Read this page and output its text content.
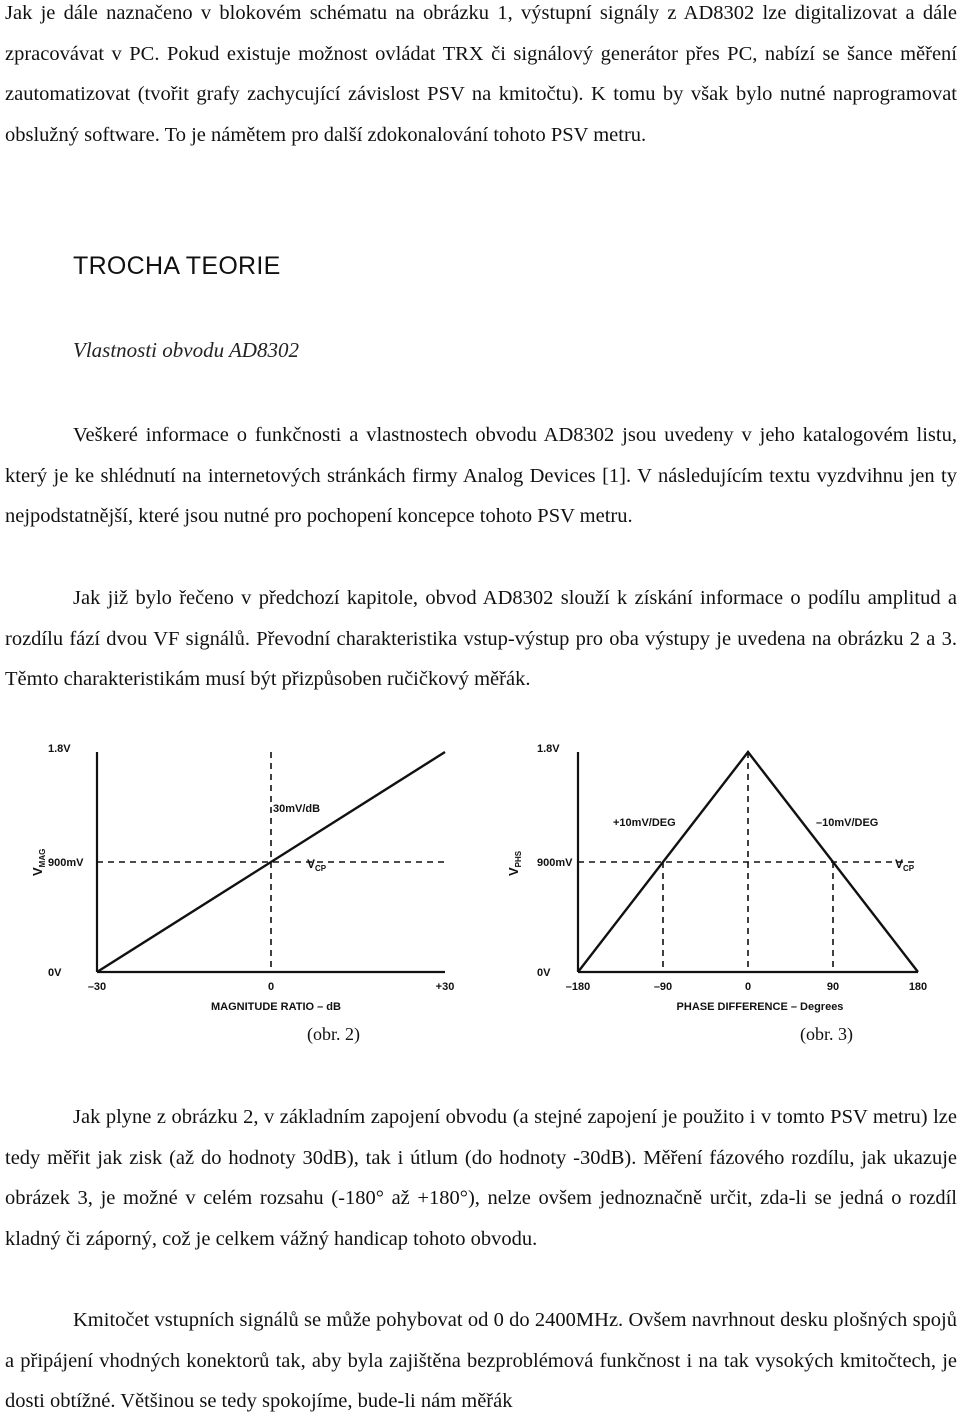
Jak je dále naznačeno v blokovém schématu na obrázku 1, výstupní signály z AD8302 lze digitalizovat a dále zpracovávat v PC. Pokud existuje možnost ovládat TRX či signálový generátor přes PC, nabízí se šance měření zautomatizovat (tvořit grafy zachycující závislost PSV na kmitočtu). K tomu by však bylo nutné naprogramovat obslužný software. To je námětem pro další zdokonalování tohoto PSV metru.

TROCHA TEORIE
Vlastnosti obvodu AD8302

Veškeré informace o funkčnosti a vlastnostech obvodu AD8302 jsou uvedeny v jeho katalogovém listu, který je ke shlédnutí na internetových stránkách firmy Analog Devices [1]. V následujícím textu vyzdvihnu jen ty nejpodstatnější, které jsou nutné pro pochopení koncepce tohoto PSV metru.

Jak již bylo řečeno v předchozí kapitole, obvod AD8302 slouží k získání informace o podílu amplitud a rozdílu fází dvou VF signálů. Převodní charakteristika vstup-výstup pro oba výstupy je uvedena na obrázku 2 a 3. Těmto charakteristikám musí být přizpůsoben ručičkový měřák.

0V
900mV
1.8V
–30	0	+30
MAGNITUDE RATIO – dB
$V_{MAG}$	$V_{CP}$
30mV/dB
0V
900mV
1.8V
–180	–90	0	90	180
PHASE DIFFERENCE – Degrees
$V_{PHS}$	$V_{CP}$
+10mV/DEG	–10mV/DEG
(obr. 2)	(obr. 3)

Jak plyne z obrázku 2, v základním zapojení obvodu (a stejné zapojení je použito i v tomto PSV metru) lze tedy měřit jak zisk (až do hodnoty 30dB), tak i útlum (do hodnoty -30dB). Měření fázového rozdílu, jak ukazuje obrázek 3, je možné v celém rozsahu (-180° až +180°), nelze ovšem jednoznačně určit, zda-li se jedná o rozdíl kladný či záporný, což je celkem vážný handicap tohoto obvodu.

Kmitočet vstupních signálů se může pohybovat od 0 do 2400MHz. Ovšem navrhnout desku plošných spojů a připájení vhodných konektorů tak, aby byla zajištěna bezproblémová funkčnost i na tak vysokých kmitočtech, je dosti obtížné. Většinou se tedy spokojíme, bude-li nám měřák
